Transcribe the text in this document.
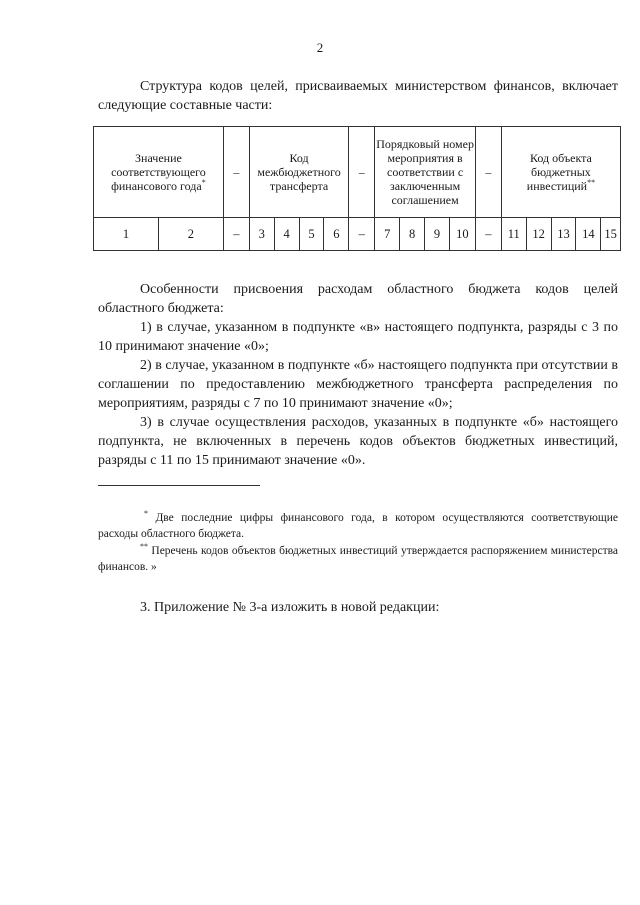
2

Структура кодов целей, присваиваемых министерством финансов, включает следующие составные части:

Значение соответствующего финансового года*		–	Код межбюджетного трансферта				–	Порядковый номер мероприятия в соответствии с заключенным соглашением				–	Код объекта бюджетных инвестиций**
1	2	–	3	4	5	6	–	7	8	9	10	–	11	12	13	14	15

Особенности присвоения расходам областного бюджета кодов целей областного бюджета:

1) в случае, указанном в подпункте «в» настоящего подпункта, разряды с 3 по 10 принимают значение «0»;

2) в случае, указанном в подпункте «б» настоящего подпункта при отсутствии в соглашении по предоставлению межбюджетного трансферта распределения по мероприятиям, разряды с 7 по 10 принимают значение «0»;

3) в случае осуществления расходов, указанных в подпункте «б» настоящего подпункта, не включенных в перечень кодов объектов бюджетных инвестиций, разряды с 11 по 15 принимают значение «0».

* Две последние цифры финансового года, в котором осуществляются соответствующие расходы областного бюджета.

** Перечень кодов объектов бюджетных инвестиций утверждается распоряжением министерства финансов. »

3. Приложение № 3-а изложить в новой редакции:
